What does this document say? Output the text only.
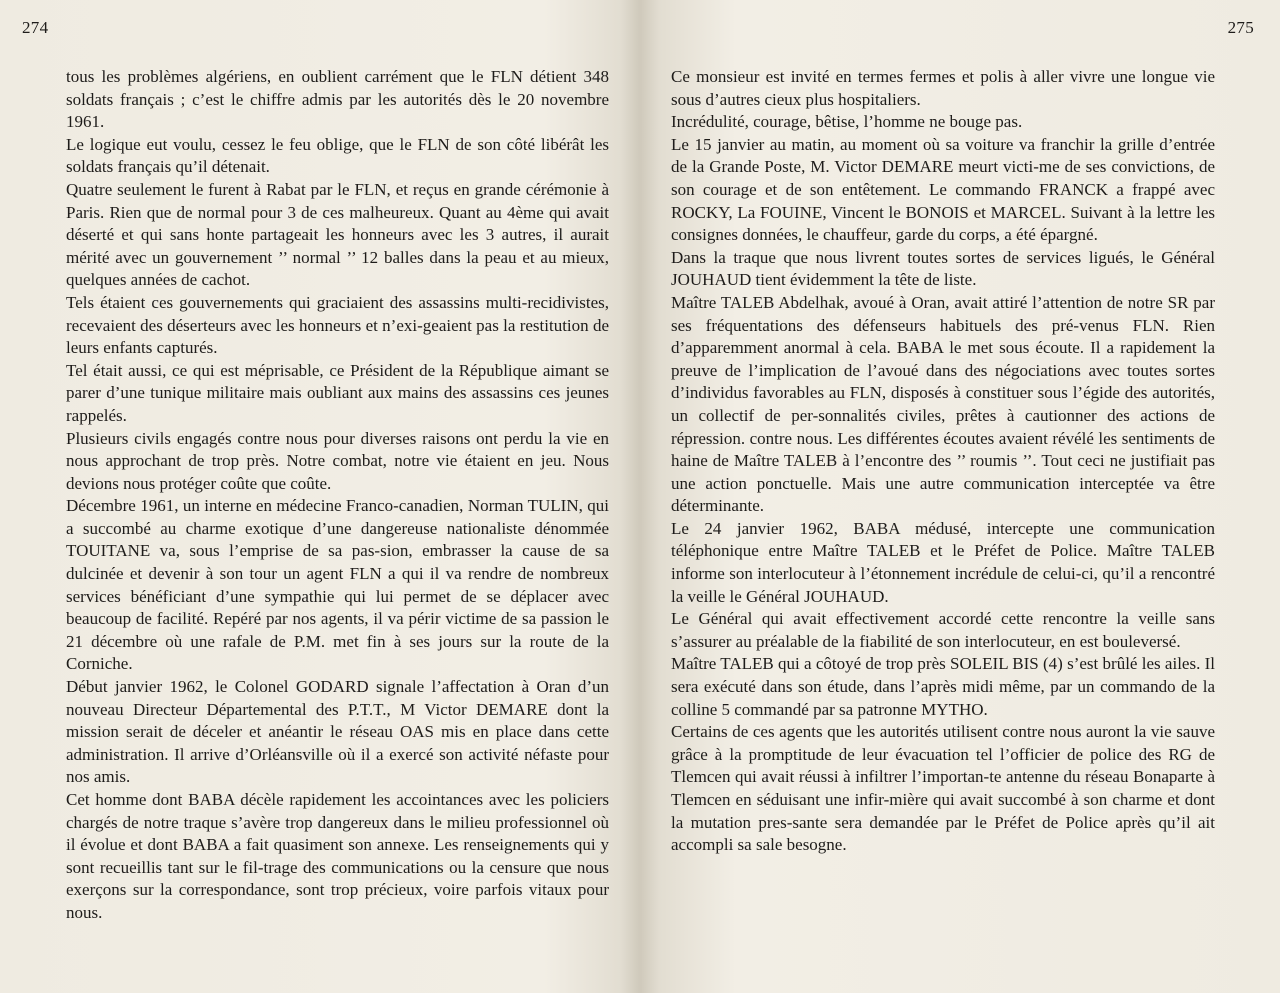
274

tous les problèmes algériens, en oublient carrément que le FLN détient 348 soldats français ; c’est le chiffre admis par les autorités dès le 20 novembre 1961.

Le logique eut voulu, cessez le feu oblige, que le FLN de son côté libérât les soldats français qu’il détenait.

Quatre seulement le furent à Rabat par le FLN, et reçus en grande cérémonie à Paris. Rien que de normal pour 3 de ces malheureux. Quant au 4ème qui avait déserté et qui sans honte partageait les honneurs avec les 3 autres, il aurait mérité avec un gouvernement ’’ normal ’’ 12 balles dans la peau et au mieux, quelques années de cachot.

Tels étaient ces gouvernements qui graciaient des assassins multi-recidivistes, recevaient des déserteurs avec les honneurs et n’exi-geaient pas la restitution de leurs enfants capturés.

Tel était aussi, ce qui est méprisable, ce Président de la République aimant se parer d’une tunique militaire mais oubliant aux mains des assassins ces jeunes rappelés.

Plusieurs civils engagés contre nous pour diverses raisons ont perdu la vie en nous approchant de trop près. Notre combat, notre vie étaient en jeu. Nous devions nous protéger coûte que coûte.

Décembre 1961, un interne en médecine Franco-canadien, Norman TULIN, qui a succombé au charme exotique d’une dangereuse nationaliste dénommée TOUITANE va, sous l’emprise de sa pas-sion, embrasser la cause de sa dulcinée et devenir à son tour un agent FLN a qui il va rendre de nombreux services bénéficiant d’une sympathie qui lui permet de se déplacer avec beaucoup de facilité. Repéré par nos agents, il va périr victime de sa passion le 21 décembre où une rafale de P.M. met fin à ses jours sur la route de la Corniche.

Début janvier 1962, le Colonel GODARD signale l’affectation à Oran d’un nouveau Directeur Départemental des P.T.T., M Victor DEMARE dont la mission serait de déceler et anéantir le réseau OAS mis en place dans cette administration. Il arrive d’Orléansville où il a exercé son activité néfaste pour nos amis.

Cet homme dont BABA décèle rapidement les accointances avec les policiers chargés de notre traque s’avère trop dangereux dans le milieu professionnel où il évolue et dont BABA a fait quasiment son annexe. Les renseignements qui y sont recueillis tant sur le fil-trage des communications ou la censure que nous exerçons sur la correspondance, sont trop précieux, voire parfois vitaux pour nous.

275

Ce monsieur est invité en termes fermes et polis à aller vivre une longue vie sous d’autres cieux plus hospitaliers.

Incrédulité, courage, bêtise, l’homme ne bouge pas.

Le 15 janvier au matin, au moment où sa voiture va franchir la grille d’entrée de la Grande Poste, M. Victor DEMARE meurt victi-me de ses convictions, de son courage et de son entêtement. Le commando FRANCK a frappé avec ROCKY, La FOUINE, Vincent le BONOIS et MARCEL. Suivant à la lettre les consignes données, le chauffeur, garde du corps, a été épargné.

Dans la traque que nous livrent toutes sortes de services ligués, le Général JOUHAUD tient évidemment la tête de liste.

Maître TALEB Abdelhak, avoué à Oran, avait attiré l’attention de notre SR par ses fréquentations des défenseurs habituels des pré-venus FLN. Rien d’apparemment anormal à cela. BABA le met sous écoute. Il a rapidement la preuve de l’implication de l’avoué dans des négociations avec toutes sortes d’individus favorables au FLN, disposés à constituer sous l’égide des autorités, un collectif de per-sonnalités civiles, prêtes à cautionner des actions de répression. contre nous. Les différentes écoutes avaient révélé les sentiments de haine de Maître TALEB à l’encontre des ’’ roumis ’’. Tout ceci ne justifiait pas une action ponctuelle. Mais une autre communication interceptée va être déterminante.

Le 24 janvier 1962, BABA médusé, intercepte une communication téléphonique entre Maître TALEB et le Préfet de Police. Maître TALEB informe son interlocuteur à l’étonnement incrédule de celui-ci, qu’il a rencontré la veille le Général JOUHAUD.

Le Général qui avait effectivement accordé cette rencontre la veille sans s’assurer au préalable de la fiabilité de son interlocuteur, en est bouleversé.

Maître TALEB qui a côtoyé de trop près SOLEIL BIS (4) s’est brûlé les ailes. Il sera exécuté dans son étude, dans l’après midi même, par un commando de la colline 5 commandé par sa patronne MYTHO.

Certains de ces agents que les autorités utilisent contre nous auront la vie sauve grâce à la promptitude de leur évacuation tel l’officier de police des RG de Tlemcen qui avait réussi à infiltrer l’importan-te antenne du réseau Bonaparte à Tlemcen en séduisant une infir-mière qui avait succombé à son charme et dont la mutation pres-sante sera demandée par le Préfet de Police après qu’il ait accompli sa sale besogne.
